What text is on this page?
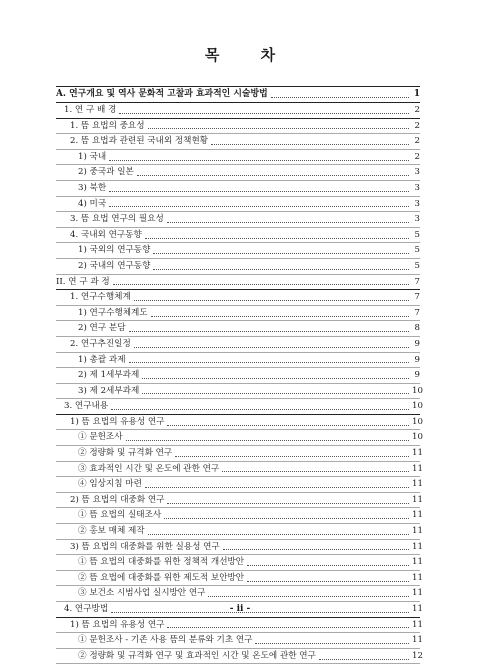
목 차
A. 연구개요 및 역사 문화적 고찰과 효과적인 시술방법	1
1. 연 구 배 경	2
1. 뜸 요법의 중요성	2
2. 뜸 요법과 관련된 국내외 정책현황	2
1) 국내	2
2) 중국과 일본	3
3) 북한	3
4) 미국	3
3. 뜸 요법 연구의 필요성	3
4. 국내외 연구동향	5
1) 국외의 연구동향	5
2) 국내의 연구동향	5
II. 연 구 과 정	7
1. 연구수행체계	7
1) 연구수행체계도	7
2) 연구 분담	8
2. 연구추진일정	9
1) 총괄 과제	9
2) 제 1세부과제	9
3) 제 2세부과제	10
3. 연구내용	10
1) 뜸 요법의 유용성 연구	10
① 문헌조사	10
② 정량화 및 규격화 연구	11
③ 효과적인 시간 및 온도에 관한 연구	11
④ 임상지침 마련	11
2) 뜸 요법의 대중화 연구	11
① 뜸 요법의 실태조사	11
② 홍보 매체 제작	11
3) 뜸 요법의 대중화를 위한 실용성 연구	11
① 뜸 요법의 대중화를 위한 정책적 개선방안	11
② 뜸 요법에 대중화를 위한 제도적 보안방안	11
③ 보건소 시범사업 실시방안 연구	11
4. 연구방법	11
1) 뜸 요법의 유용성 연구	11
① 문헌조사 - 기존 사용 뜸의 분류와 기초 연구	11
② 정량화 및 규격화 연구 및 효과적인 시간 및 온도에 관한 연구	12
- ii -
